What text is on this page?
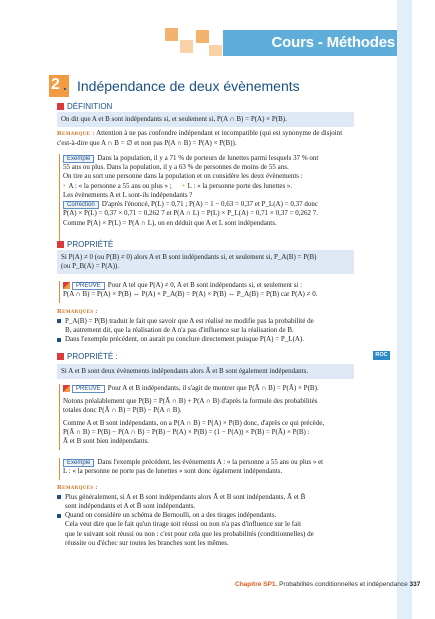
Cours - Méthodes
2 . Indépendance de deux évènements
DÉFINITION
On dit que A et B sont indépendants si, et seulement si, P(A ∩ B) = P(A) × P(B).
Remarque : Attention à ne pas confondre indépendant et incompatible (qui est synonyme de disjoint c'est-à-dire que A ∩ B = ∅ et non pas P(A ∩ B) = P(A) × P(B)).
Exemple Dans la population, il y a 71 % de porteurs de lunettes parmi lesquels 37 % ont
55 ans ou plus. Dans la population, il y a 63 % de personnes de moins de 55 ans.
On tire au sort une personne dans la population et on considère les deux évènements :
• A : « la personne a 55 ans ou plus » ; • L : « la personne porte des lunettes ».
Les évènements A et L sont-ils indépendants ?
Correction D'après l'énoncé, P(L) = 0,71 ; P(A) = 1 − 0,63 = 0,37 et P_L(A) = 0,37 donc
P(A) × P(L) = 0,37 × 0,71 = 0,262 7 et P(A ∩ L) = P(L) × P_L(A) = 0,71 × 0,37 = 0,262 7.
Comme P(A) × P(L) = P(A ∩ L), on en déduit que A et L sont indépendants.
PROPRIÉTÉ
Si P(A) ≠ 0 (ou P(B) ≠ 0) alors A et B sont indépendants si, et seulement si, P_A(B) = P(B)
(ou P_B(A) = P(A)).
PREUVE Pour A tel que P(A) ≠ 0, A et B sont indépendants si, et seulement si :
P(A ∩ B) = P(A) × P(B) ⇔ P(A) × P_A(B) = P(A) × P(B) ⇔ P_A(B) = P(B) car P(A) ≠ 0.
Remarques :
P_A(B) = P(B) traduit le fait que savoir que A est réalisé ne modifie pas la probabilité de
B, autrement dit, que la réalisation de A n'a pas d'influence sur la réalisation de B.
Dans l'exemple précédent, on aurait pu conclure directement puisque P(A) = P_L(A).
PROPRIÉTÉ :	ROC
Si A et B sont deux évènements indépendants alors Ā et B sont également indépendants.
PREUVE Pour A et B indépendants, il s'agit de montrer que P(Ā ∩ B) = P(Ā) × P(B).
Notons préalablement que P(B) = P(Ā ∩ B) + P(A ∩ B) d'après la formule des probabilités
totales donc P(Ā ∩ B) = P(B) − P(A ∩ B).
Comme A et B sont indépendants, on a P(A ∩ B) = P(A) × P(B) donc, d'après ce qui précède,
P(Ā ∩ B) = P(B) − P(A ∩ B) = P(B) − P(A) × P(B) = (1 − P(A)) × P(B) = P(Ā) × P(B) :
Ā et B sont bien indépendants.
Exemple Dans l'exemple précédent, les évènements A : « la personne a 55 ans ou plus » et
L : « la personne ne porte pas de lunettes » sont donc également indépendants.
Remarques :
Plus généralement, si A et B sont indépendants alors Ā et B sont indépendants, Ā et B̄
sont indépendants et A et B̄ sont indépendants.
Quand on considère un schéma de Bernoulli, on a des tirages indépendants.
Cela veut dire que le fait qu'un tirage soit réussi ou non n'a pas d'influence sur le fait
que le suivant soit réussi ou non : c'est pour cela que les probabilités (conditionnelles) de
réussite ou d'échec sur toutes les branches sont les mêmes.
Chapitre SP1. Probabilités conditionnelles et indépendance 337
